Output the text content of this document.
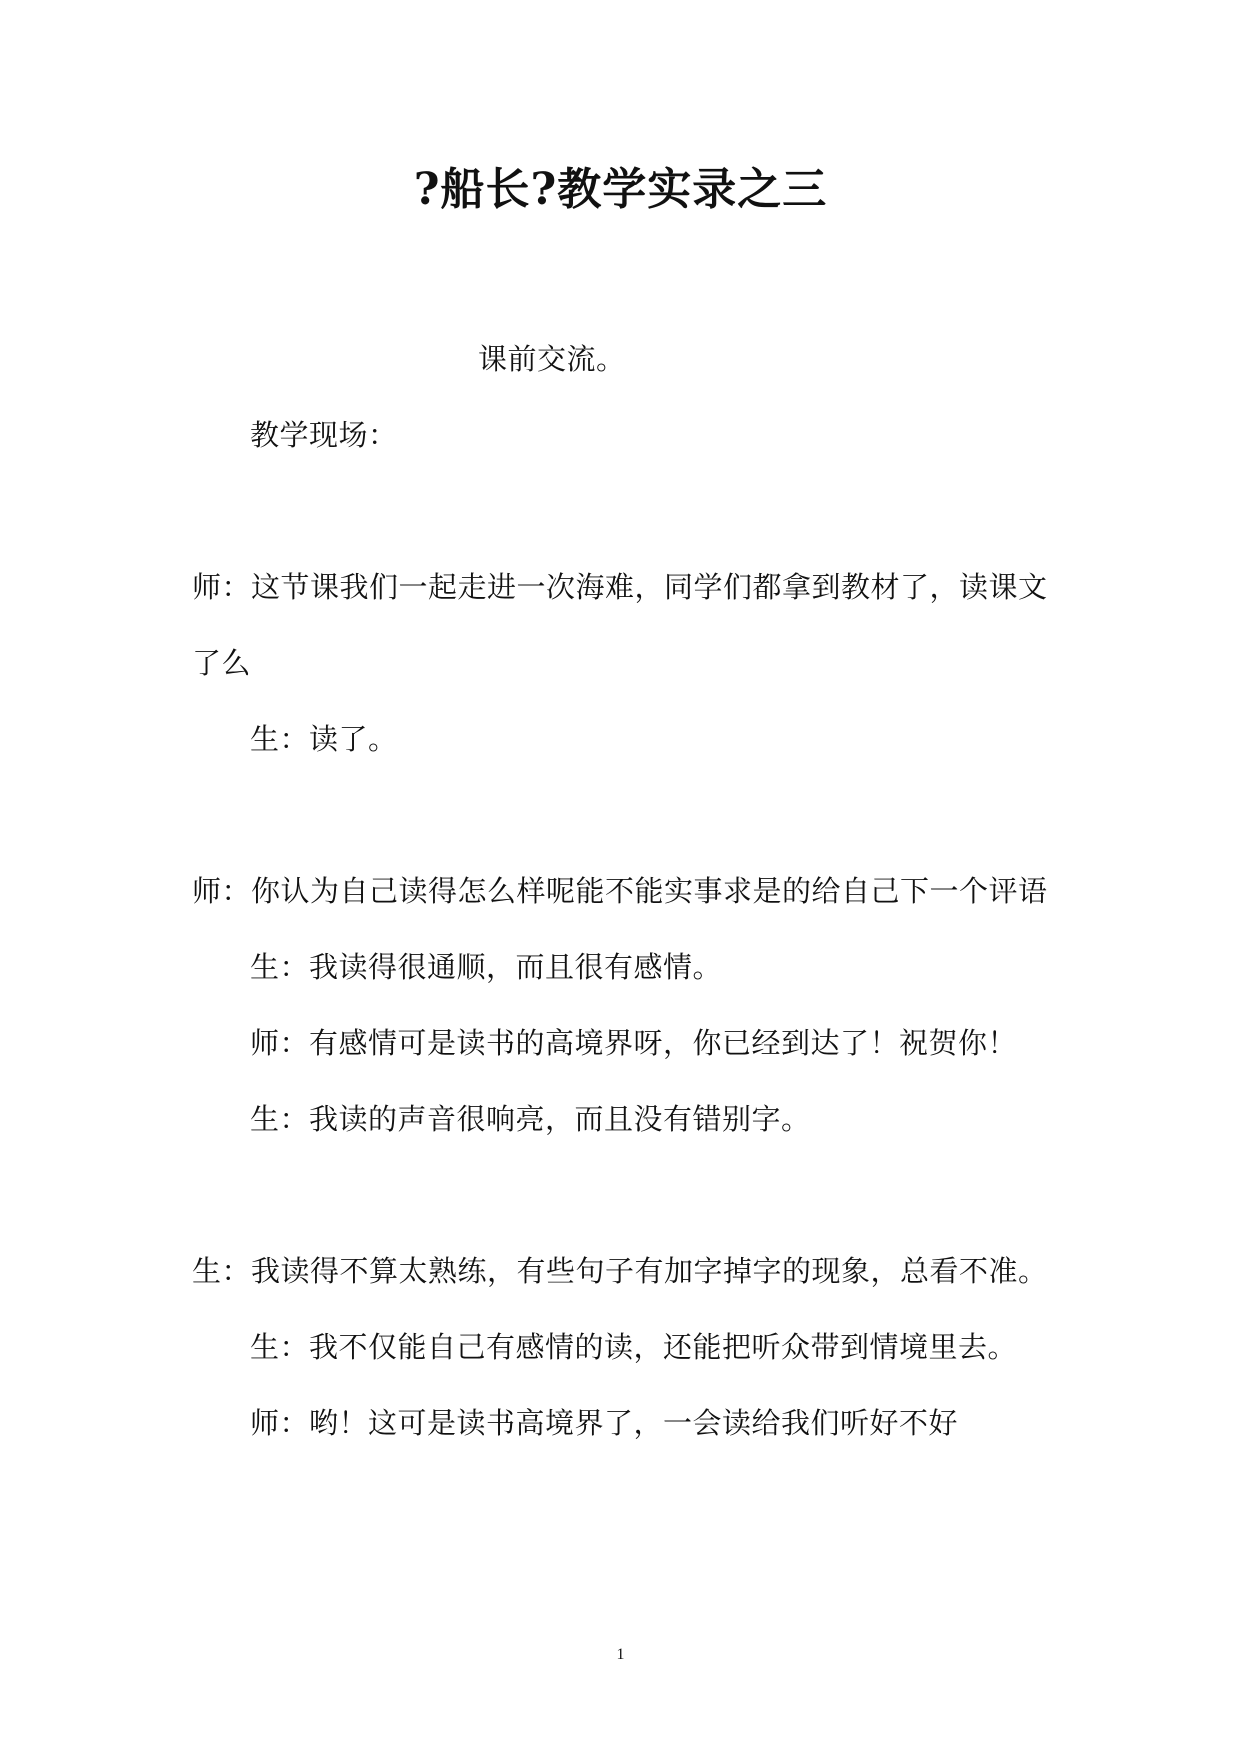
?船长?教学实录之三
课前交流。
教学现场：
师：这节课我们一起走进一次海难，同学们都拿到教材了，读课文
了么
生：读了。
师：你认为自己读得怎么样呢能不能实事求是的给自己下一个评语
生：我读得很通顺，而且很有感情。
师：有感情可是读书的高境界呀，你已经到达了！祝贺你！
生：我读的声音很响亮，而且没有错别字。
生：我读得不算太熟练，有些句子有加字掉字的现象，总看不准。
生：我不仅能自己有感情的读，还能把听众带到情境里去。
师：哟！这可是读书高境界了，一会读给我们听好不好
1
